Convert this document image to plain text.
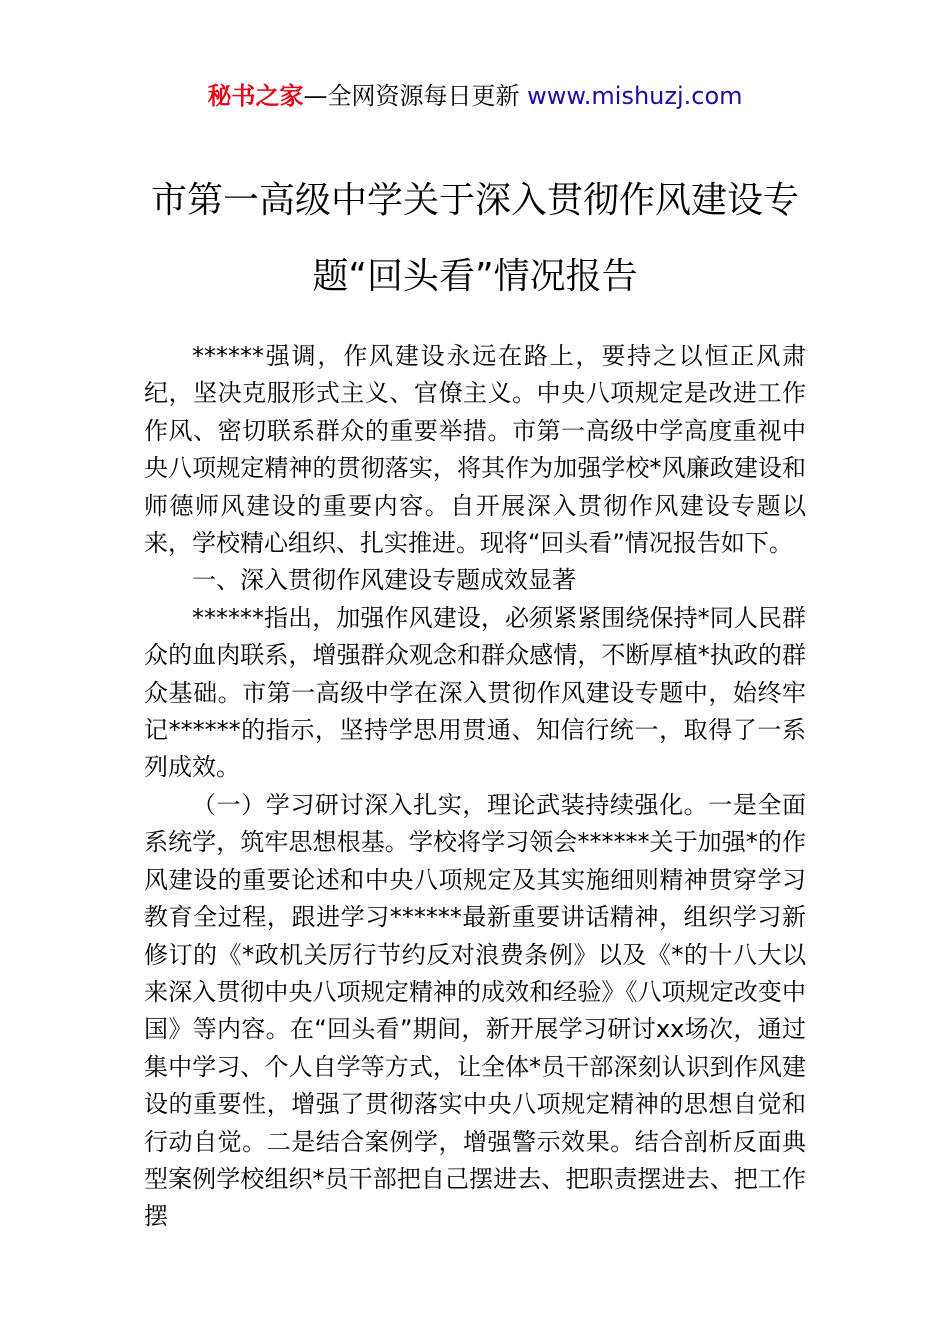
秘书之家—全网资源每日更新 www.mishuzj.com
市第一高级中学关于深入贯彻作风建设专
题“回头看”情况报告

******强调，作风建设永远在路上，要持之以恒正风肃纪，坚决克服形式主义、官僚主义。中央八项规定是改进工作作风、密切联系群众的重要举措。市第一高级中学高度重视中央八项规定精神的贯彻落实，将其作为加强学校*风廉政建设和师德师风建设的重要内容。自开展深入贯彻作风建设专题以来，学校精心组织、扎实推进。现将“回头看”情况报告如下。

一、深入贯彻作风建设专题成效显著

******指出，加强作风建设，必须紧紧围绕保持*同人民群众的血肉联系，增强群众观念和群众感情，不断厚植*执政的群众基础。市第一高级中学在深入贯彻作风建设专题中，始终牢记******的指示，坚持学思用贯通、知信行统一，取得了一系列成效。

（一）学习研讨深入扎实，理论武装持续强化。一是全面系统学，筑牢思想根基。学校将学习领会******关于加强*的作风建设的重要论述和中央八项规定及其实施细则精神贯穿学习教育全过程，跟进学习******最新重要讲话精神，组织学习新修订的《*政机关厉行节约反对浪费条例》以及《*的十八大以来深入贯彻中央八项规定精神的成效和经验》《八项规定改变中国》等内容。在“回头看”期间，新开展学习研讨xx场次，通过集中学习、个人自学等方式，让全体*员干部深刻认识到作风建设的重要性，增强了贯彻落实中央八项规定精神的思想自觉和行动自觉。二是结合案例学，增强警示效果。结合剖析反面典型案例学校组织*员干部把自己摆进去、把职责摆进去、把工作摆
